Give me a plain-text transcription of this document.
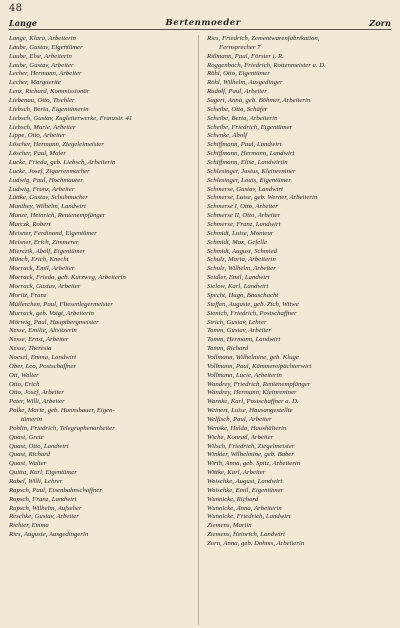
48
Lange	Bertenmoeder	Zorn
Lange, Klara, Arbeiterin
Laube, Gustav, Eigentümer
Laube, Else, Arbeiterin
Laube, Gustav, Arbeiter
Lecher, Hermann, Arbeiter
Lecher, Marguerite
Lenz, Richard, Kommissionär
Liebenau, Otto, Tischler
Liebsch, Berta, Eigentümerin
Liebsch, Gustav, Zugleiterwerke, Franzstr. 41
Liebsch, Marie, Arbeiter
Lippe, Otto, Arbeiter
Löscher, Hermann, Ziegeleimeister
Löscher, Paul, Maler
Lucke, Frieda, geb. Liebsch, Arbeiterin
Lucke, Josef, Zigarrenmacher
Ludwig, Paul, Hochmaurer
Ludwig, Franz, Arbeiter
Lüttke, Gustav, Schuhmacher
Manthey, Wilhelm, Landwirt
Manze, Heinrich, Rentenempfänger
Marczk, Robert
Meisner, Ferdinand, Eigentümer
Meisner, Erich, Zimmerer
Mierczik, Abolf, Eigentümer
Münch, Erich, Knecht
Morrack, Emil, Arbeiter
Morrack, Frieda, geb. Kurzweg, Arbeiterin
Morrack, Gustav, Arbeiter
Moritz, Franz
Müllerchen, Paul, Fliesenlegermeister
Murrack, geb. Voigt, Arbeiterin
Mörwig, Paul, Hauptbergmeister
Nesse, Emilie, Altsitzerin
Nesse, Ernst, Arbeiter
Nesse, Theresia
Noesel, Emma, Landwirt
Ober, Leo, Postschaffner
Ott, Walter
Otto, Erich
Otto, Josef, Arbeiter
Peter, Willi, Arbeiter
Polke, Marie, geb. Hannsbauer, Eigen-
tümerin
Pohlin, Friedrich, Telegraphenarbeiter
Quast, Grete
Quast, Otto, Landwirt
Quast, Richard
Quast, Walter
Quitta, Karl, Eigentümer
Rabel, Willi, Lehrer
Rapsch, Paul, Eisenbahnschaffner
Rapsch, Franz, Landwirt
Rapsch, Wilhelm, Aufseher
Reschke, Gustav, Arbeiter
Richter, Emma
Ries, Auguste, Ausgedingerin
Ries, Friedrich, Zementwarenfabrikation,
Fernsprecher 7
Rißmann, Paul, Förster i. R.
Roggenbach, Friedrich, Rottenmeister a. D.
Röhl, Otto, Eigentümer
Röhl, Wilhelm, Ausgedinger
Rudolf, Paul, Arbeiter
Sagert, Anna, geb. Böhmer, Arbeiterin
Scheibe, Otto, Schäfer
Scheibe, Berta, Arbeiterin
Scheibe, Friedrich, Eigentümer
Schenke, Abolf
Schiffmann, Paul, Landwirt
Schiffmann, Hermann, Landwirt
Schiffmann, Elise, Landwirtin
Schlesinger, Justus, Kleinrentner
Schlesinger, Louis, Eigentümer
Schmerse, Gustav, Landwirt
Schmerse, Luise, geb. Werner, Arbeiterin
Schmerse I, Otto, Arbeiter
Schmerse II, Otto, Arbeiter
Schmerse, Franz, Landwirt
Schmidt, Luise, Monteur
Schmidt, Max, Gefelle
Schmidt, August, Schmied
Schulz, Marta, Arbeiterin
Schulz, Wilhelm, Arbeiter
Seidler, Emil, Landwirt
Sielow, Karl, Landwirt
Specht, Hugo, Bauschacht
Steffen, Auguste, geb. Zich, Witwe
Stenich, Friedrich, Postschaffner
Strich, Gustav, Lehrer
Tamm, Gustav, Arbeiter
Tamm, Hermann, Landwirt
Tamm, Richard
Vollmann, Wilhelmine, geb. Kluge
Vollmann, Paul, Kämmereipächterwirt
Vollmann, Lucie, Arbeiterin
Wandrey, Friedrich, Rentenempfänger
Wandrey, Hermann, Kleinrentner
Warnke, Karl, Postschaffner a. D.
Weinert, Luise, Hausangestellte
Welfisch, Paul, Arbeiter
Wenske, Hulda, Haushälterin
Wiche, Konrad, Arbeiter
Wilsch, Friedrich, Ziegelmeister
Winkler, Wilhelmine, geb. Baber
Wirth, Anna, geb. Spitz, Arbeiterin
Wittke, Karl, Arbeiter
Woischke, August, Landwirt
Woischke, Emil, Eigentümer
Wunnicke, Richard
Wunnicke, Anna, Arbeiterin
Wunnicke, Friedrich, Landwirt
Ziemens, Martin
Ziemens, Heinrich, Landwirt
Zorn, Anna, geb. Dohms, Arbeiterin
